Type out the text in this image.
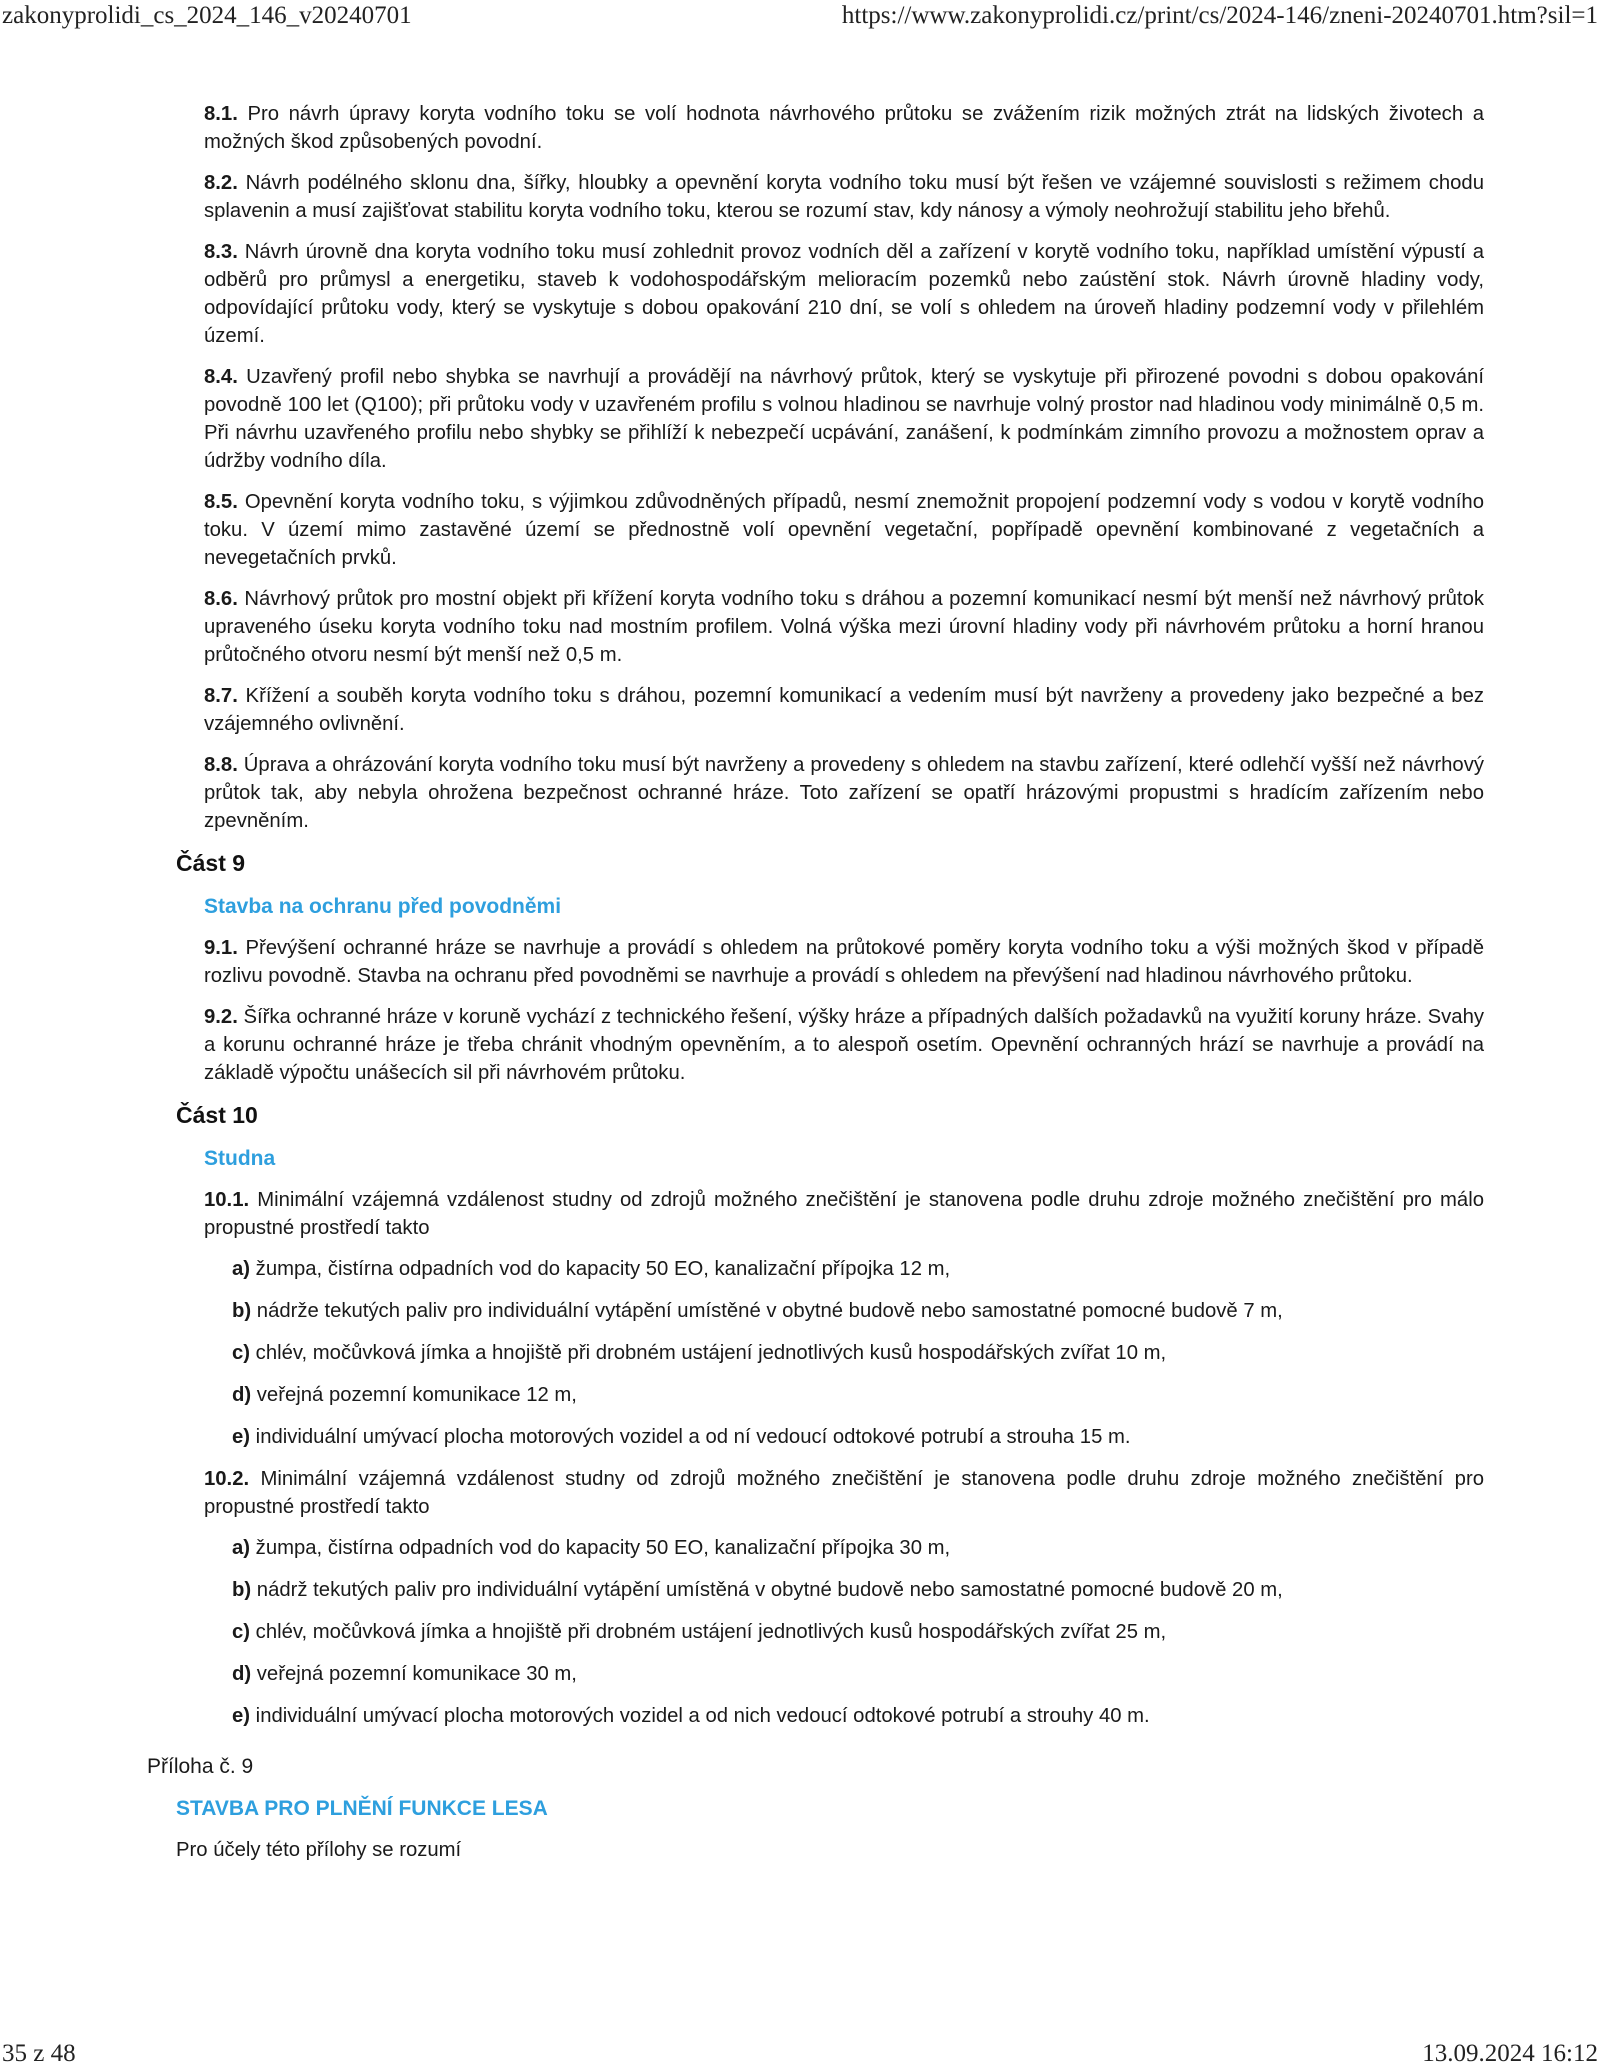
zakonyprolidi_cs_2024_146_v20240701	https://www.zakonyprolidi.cz/print/cs/2024-146/zneni-20240701.htm?sil=1

8.1. Pro návrh úpravy koryta vodního toku se volí hodnota návrhového průtoku se zvážením rizik možných ztrát na lidských životech a možných škod způsobených povodní.

8.2. Návrh podélného sklonu dna, šířky, hloubky a opevnění koryta vodního toku musí být řešen ve vzájemné souvislosti s režimem chodu splavenin a musí zajišťovat stabilitu koryta vodního toku, kterou se rozumí stav, kdy nánosy a výmoly neohrožují stabilitu jeho břehů.

8.3. Návrh úrovně dna koryta vodního toku musí zohlednit provoz vodních děl a zařízení v korytě vodního toku, například umístění výpustí a odběrů pro průmysl a energetiku, staveb k vodohospodářským melioracím pozemků nebo zaústění stok. Návrh úrovně hladiny vody, odpovídající průtoku vody, který se vyskytuje s dobou opakování 210 dní, se volí s ohledem na úroveň hladiny podzemní vody v přilehlém území.

8.4. Uzavřený profil nebo shybka se navrhují a provádějí na návrhový průtok, který se vyskytuje při přirozené povodni s dobou opakování povodně 100 let (Q100); při průtoku vody v uzavřeném profilu s volnou hladinou se navrhuje volný prostor nad hladinou vody minimálně 0,5 m. Při návrhu uzavřeného profilu nebo shybky se přihlíží k nebezpečí ucpávání, zanášení, k podmínkám zimního provozu a možnostem oprav a údržby vodního díla.

8.5. Opevnění koryta vodního toku, s výjimkou zdůvodněných případů, nesmí znemožnit propojení podzemní vody s vodou v korytě vodního toku. V území mimo zastavěné území se přednostně volí opevnění vegetační, popřípadě opevnění kombinované z vegetačních a nevegetačních prvků.

8.6. Návrhový průtok pro mostní objekt při křížení koryta vodního toku s dráhou a pozemní komunikací nesmí být menší než návrhový průtok upraveného úseku koryta vodního toku nad mostním profilem. Volná výška mezi úrovní hladiny vody při návrhovém průtoku a horní hranou průtočného otvoru nesmí být menší než 0,5 m.

8.7. Křížení a souběh koryta vodního toku s dráhou, pozemní komunikací a vedením musí být navrženy a provedeny jako bezpečné a bez vzájemného ovlivnění.

8.8. Úprava a ohrázování koryta vodního toku musí být navrženy a provedeny s ohledem na stavbu zařízení, které odlehčí vyšší než návrhový průtok tak, aby nebyla ohrožena bezpečnost ochranné hráze. Toto zařízení se opatří hrázovými propustmi s hradícím zařízením nebo zpevněním.

Část 9
Stavba na ochranu před povodněmi

9.1. Převýšení ochranné hráze se navrhuje a provádí s ohledem na průtokové poměry koryta vodního toku a výši možných škod v případě rozlivu povodně. Stavba na ochranu před povodněmi se navrhuje a provádí s ohledem na převýšení nad hladinou návrhového průtoku.

9.2. Šířka ochranné hráze v koruně vychází z technického řešení, výšky hráze a případných dalších požadavků na využití koruny hráze. Svahy a korunu ochranné hráze je třeba chránit vhodným opevněním, a to alespoň osetím. Opevnění ochranných hrází se navrhuje a provádí na základě výpočtu unášecích sil při návrhovém průtoku.

Část 10
Studna

10.1. Minimální vzájemná vzdálenost studny od zdrojů možného znečištění je stanovena podle druhu zdroje možného znečištění pro málo propustné prostředí takto

a) žumpa, čistírna odpadních vod do kapacity 50 EO, kanalizační přípojka 12 m,

b) nádrže tekutých paliv pro individuální vytápění umístěné v obytné budově nebo samostatné pomocné budově 7 m,

c) chlév, močůvková jímka a hnojiště při drobném ustájení jednotlivých kusů hospodářských zvířat 10 m,

d) veřejná pozemní komunikace 12 m,

e) individuální umývací plocha motorových vozidel a od ní vedoucí odtokové potrubí a strouha 15 m.

10.2. Minimální vzájemná vzdálenost studny od zdrojů možného znečištění je stanovena podle druhu zdroje možného znečištění pro propustné prostředí takto

a) žumpa, čistírna odpadních vod do kapacity 50 EO, kanalizační přípojka 30 m,

b) nádrž tekutých paliv pro individuální vytápění umístěná v obytné budově nebo samostatné pomocné budově 20 m,

c) chlév, močůvková jímka a hnojiště při drobném ustájení jednotlivých kusů hospodářských zvířat 25 m,

d) veřejná pozemní komunikace 30 m,

e) individuální umývací plocha motorových vozidel a od nich vedoucí odtokové potrubí a strouhy 40 m.

Příloha č. 9
STAVBA PRO PLNĚNÍ FUNKCE LESA
Pro účely této přílohy se rozumí
35 z 48	13.09.2024 16:12
